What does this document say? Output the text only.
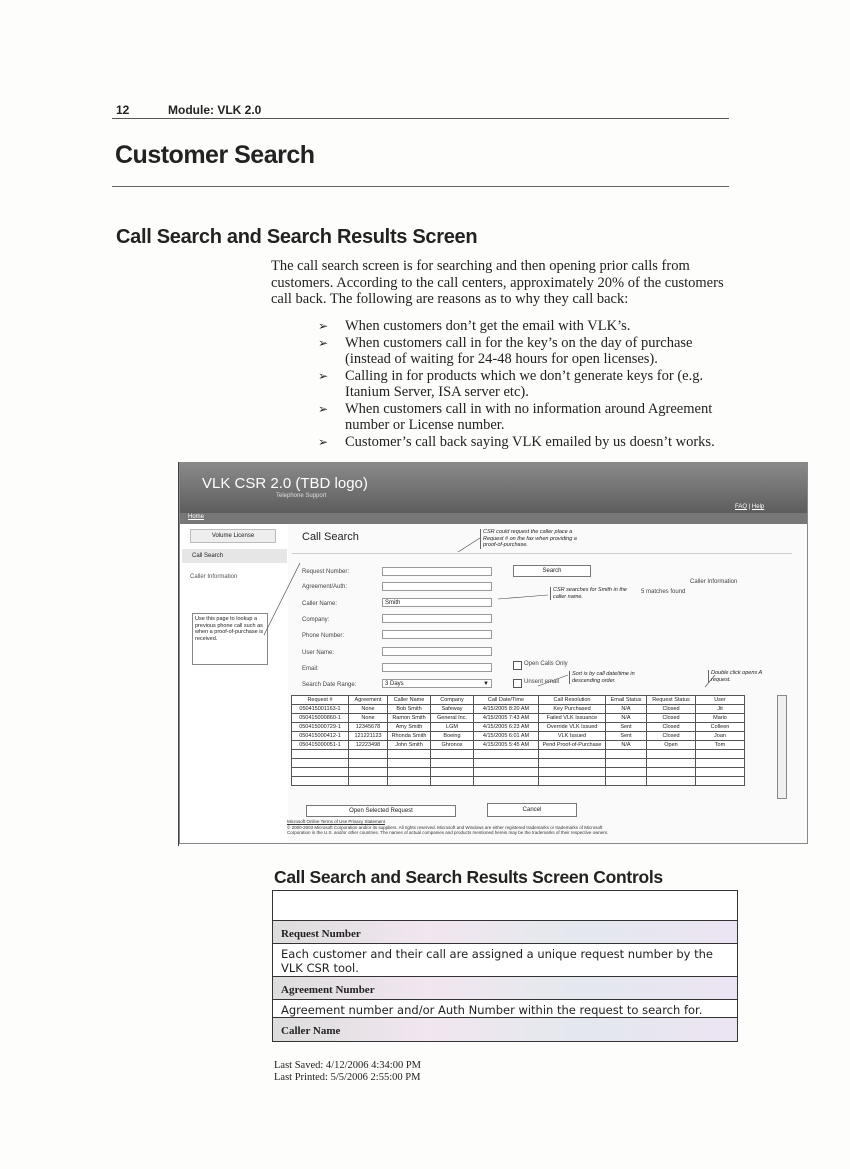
12	Module: VLK 2.0
Customer Search
Call Search and Search Results Screen
The call search screen is for searching and then opening prior calls from customers. According to the call centers, approximately 20% of the customers call back. The following are reasons as to why they call back:
➢ When customers don’t get the email with VLK’s.
➢ When customers call in for the key’s on the day of purchase (instead of waiting for 24-48 hours for open licenses).
➢ Calling in for products which we don’t generate keys for (e.g. Itanium Server, ISA server etc).
➢ When customers call in with no information around Agreement number or License number.
➢ Customer’s call back saying VLK emailed by us doesn’t works.
VLK CSR 2.0 (TBD logo)
Telephone Support
Home
FAQ | Help
Volume License
Call Search
Caller Information
Use this page to lookup a previous phone call such as when a proof-of-purchase is received.
Call Search	CSR could request the caller place a Request # on the fax when providing a proof-of-purchase.
Request Number:
Agreement/Auth:
Caller Name:	Smith
Company:
Phone Number:
User Name:
Email:
Search Date Range:	3 Days	▼
Search
Caller Information
CSR searches for Smith in the caller name.
5 matches found
Open Calls Only
Unsent email
Sort is by call date/time in descending order.
Double click opens A request.
Request #	Agreement	Caller Name	Company	Call Date/Time	Call Resolution	Email Status	Request Status	User
050415001163-1	None	Bob Smith	Safeway	4/15/2005 8:20 AM	Key Purchased	N/A	Closed	Jit
050415000860-1	None	Ramon Smith	General Inc.	4/15/2005 7:43 AM	Failed VLK Issuance	N/A	Closed	Mario
050415000729-1	12345678	Amy Smith	LGM	4/15/2005 6:23 AM	Override VLK Issued	Sent	Closed	Colleen
050415000412-1	121221123	Rhonda Smith	Boeing	4/15/2005 6:01 AM	VLK Issued	Sent	Closed	Joan
050415000051-1	12223498	John Smith	Ghronos	4/15/2005 5:45 AM	Pend Proof-of-Purchase	N/A	Open	Tom

Open Selected Request	Cancel
Microsoft Online Terms of Use Privacy Statement
© 2000-2003 Microsoft Corporation and/or its suppliers. All rights reserved. Microsoft and Windows are either registered trademarks or trademarks of Microsoft
Corporation in the U.S. and/or other countries. The names of actual companies and products mentioned herein may be the trademarks of their respective owners.
Call Search and Search Results Screen Controls
Request Number
Each customer and their call are assigned a unique request number by the VLK CSR tool.
Agreement Number
Agreement number and/or Auth Number within the request to search for.
Caller Name
Last Saved: 4/12/2006 4:34:00 PM
Last Printed: 5/5/2006 2:55:00 PM
